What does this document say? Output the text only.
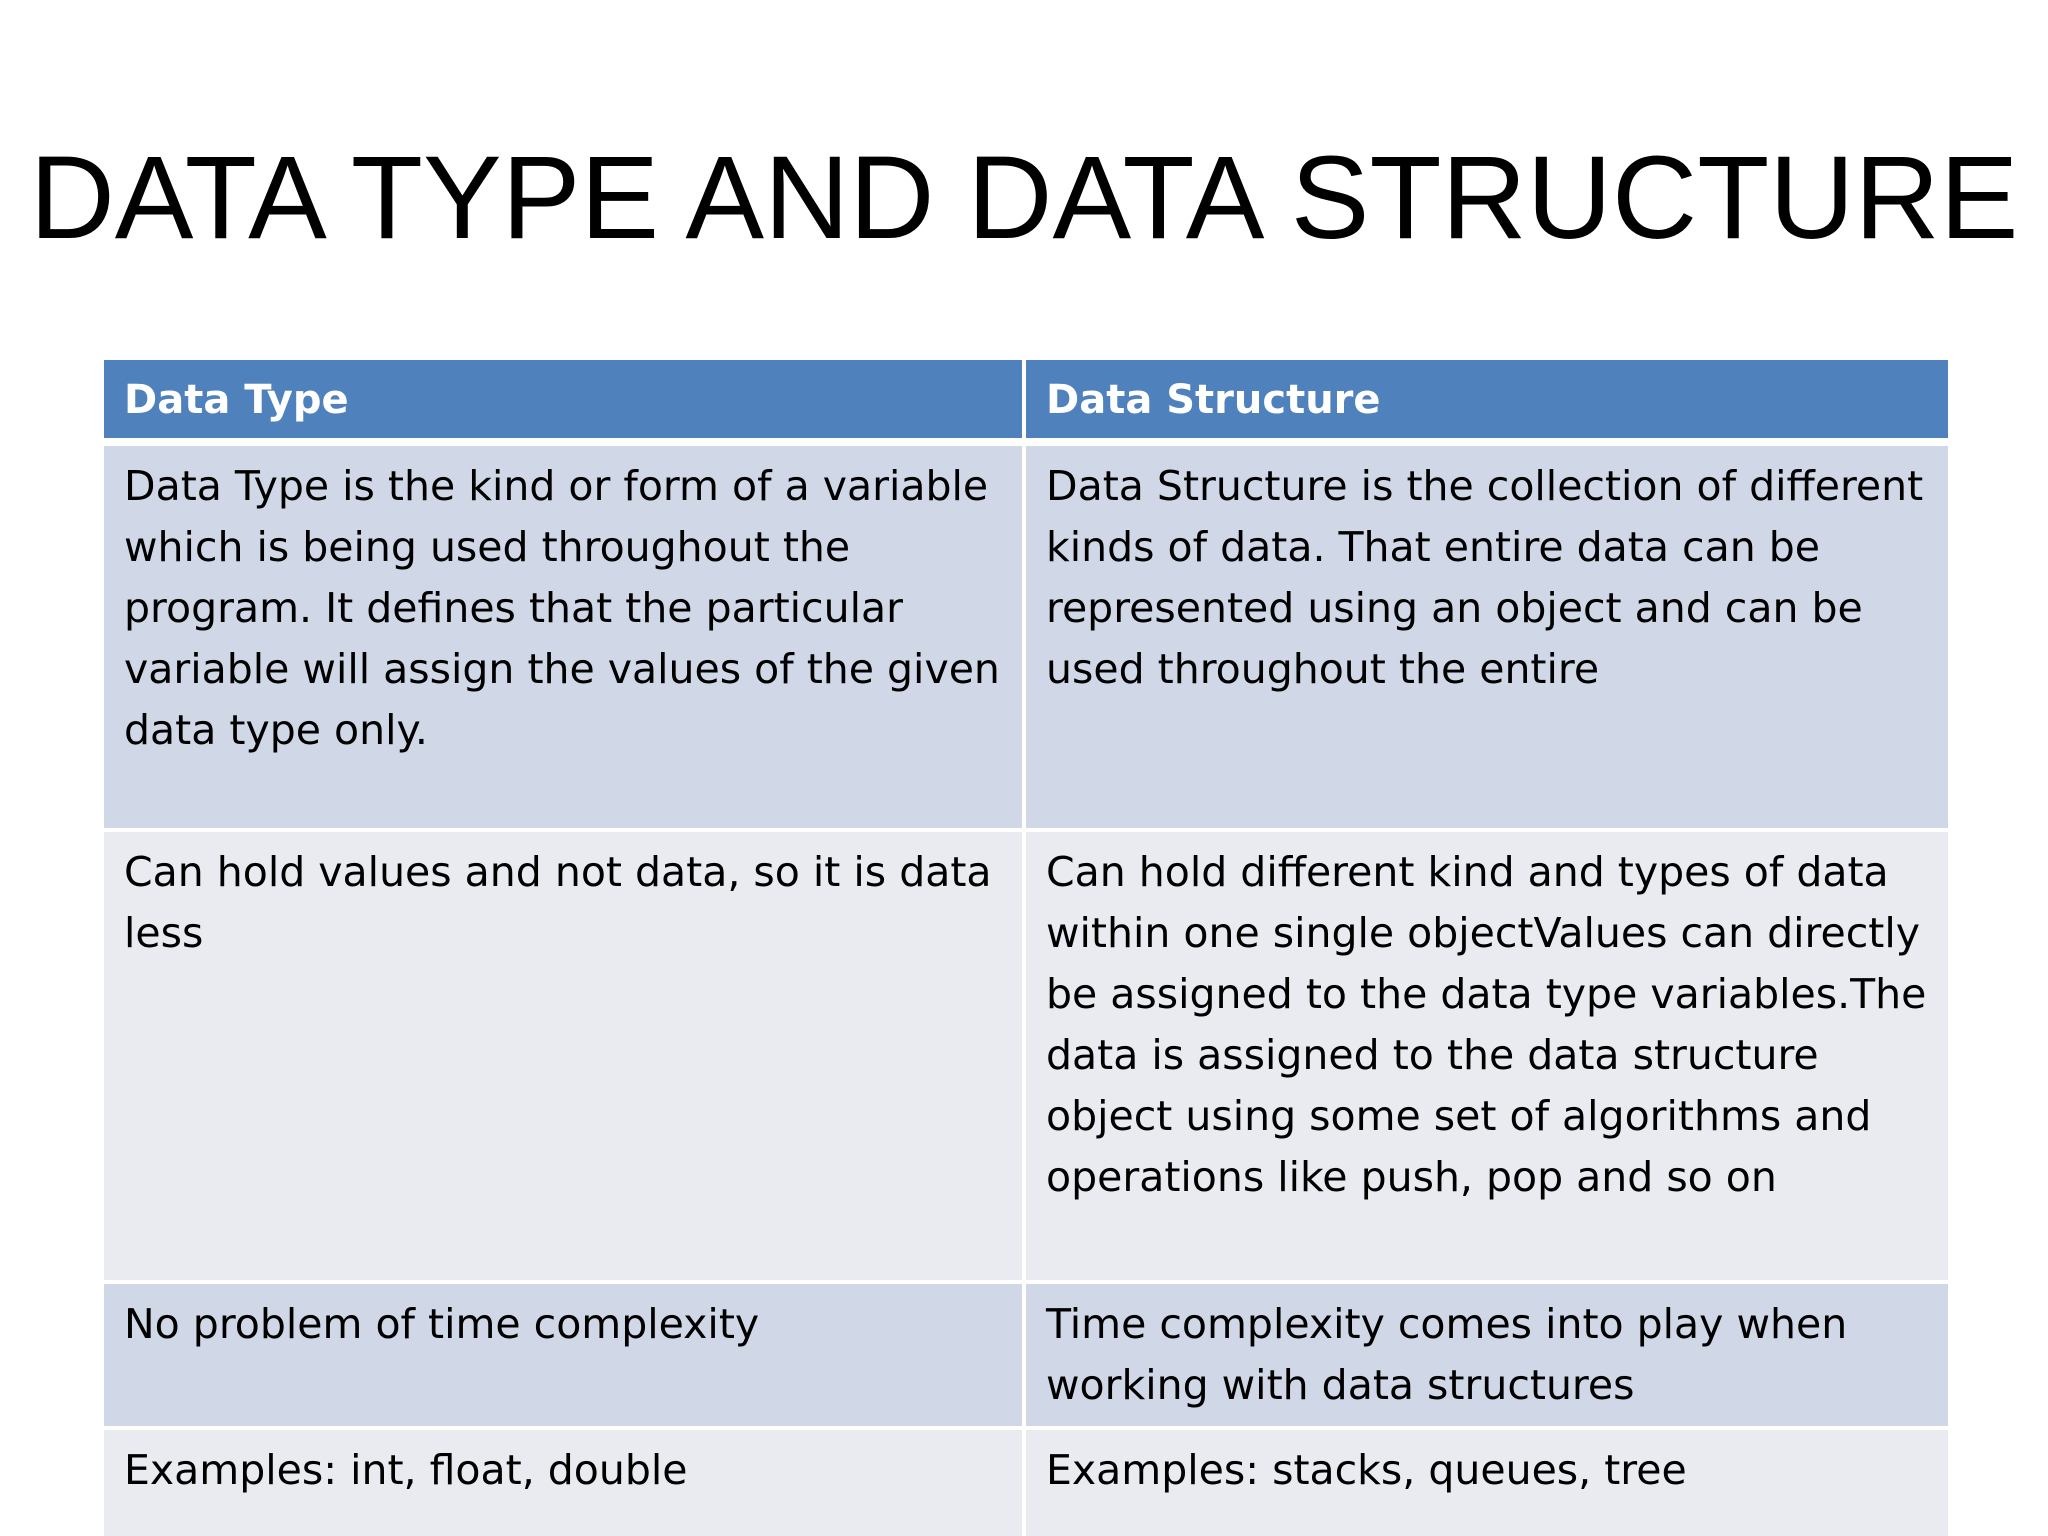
DATA TYPE AND DATA STRUCTURE
Data Type	Data Structure
Data Type is the kind or form of a variable which is being used throughout the program. It defines that the particular variable will assign the values of the given data type only.	Data Structure is the collection of different kinds of data. That entire data can be represented using an object and can be used throughout the entire
Can hold values and not data, so it is data less	Can hold different kind and types of data within one single objectValues can directly be assigned to the data type variables.The data is assigned to the data structure object using some set of algorithms and operations like push, pop and so on
No problem of time complexity	Time complexity comes into play when working with data structures
Examples: int, float, double	Examples: stacks, queues, tree
